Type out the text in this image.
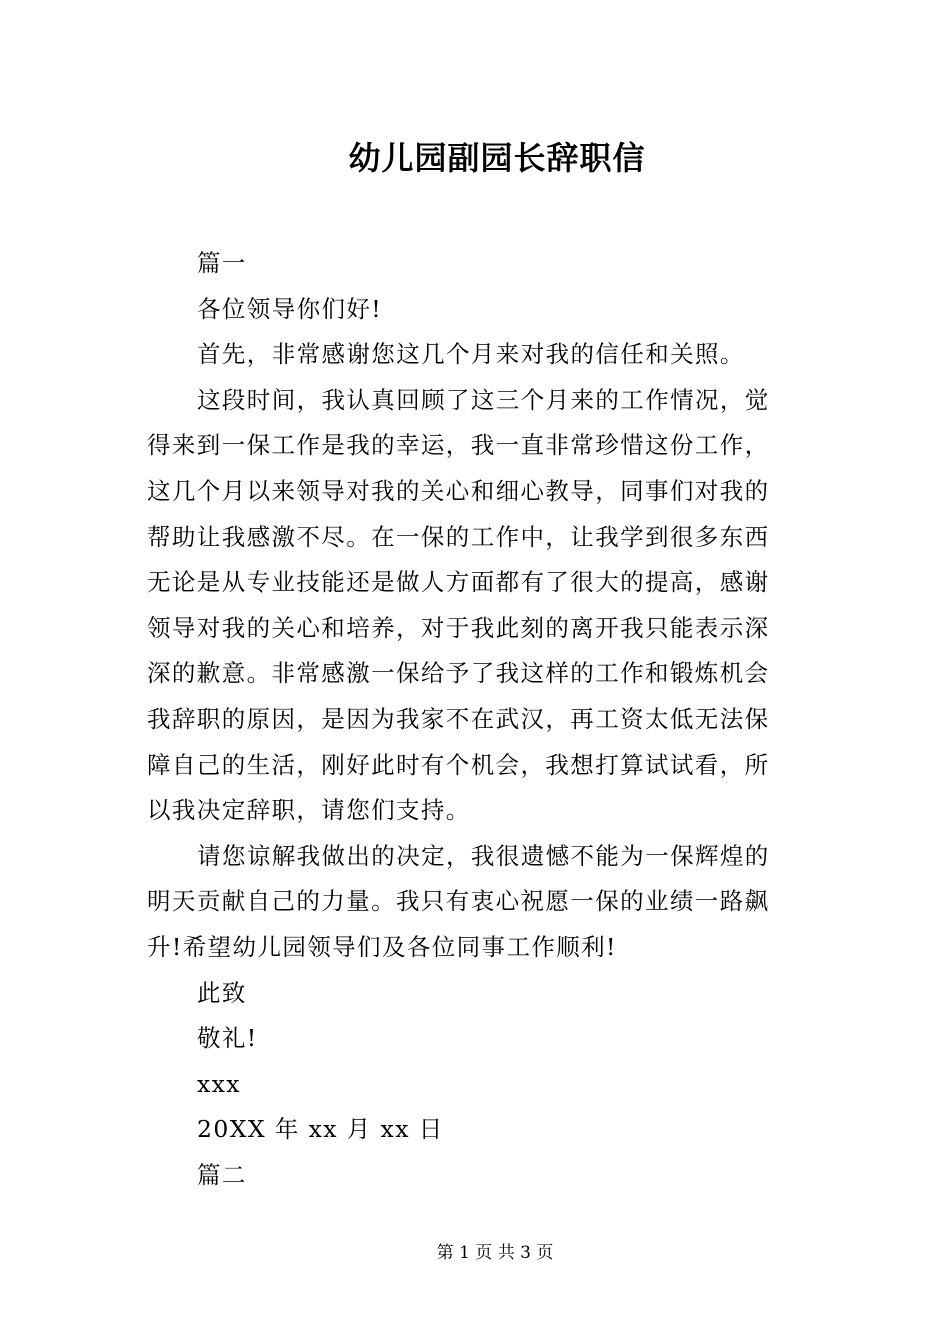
幼儿园副园长辞职信
篇一
各位领导你们好!
首先，非常感谢您这几个月来对我的信任和关照。
这段时间，我认真回顾了这三个月来的工作情况，觉
得来到一保工作是我的幸运，我一直非常珍惜这份工作，
这几个月以来领导对我的关心和细心教导，同事们对我的
帮助让我感激不尽。在一保的工作中，让我学到很多东西
无论是从专业技能还是做人方面都有了很大的提高，感谢
领导对我的关心和培养，对于我此刻的离开我只能表示深
深的歉意。非常感激一保给予了我这样的工作和锻炼机会
我辞职的原因，是因为我家不在武汉，再工资太低无法保
障自己的生活，刚好此时有个机会，我想打算试试看，所
以我决定辞职，请您们支持。
请您谅解我做出的决定，我很遗憾不能为一保辉煌的
明天贡献自己的力量。我只有衷心祝愿一保的业绩一路飙
升!希望幼儿园领导们及各位同事工作顺利!
此致
敬礼!
xxx
20XX 年 xx 月 xx 日
篇二
第 1 页 共 3 页
